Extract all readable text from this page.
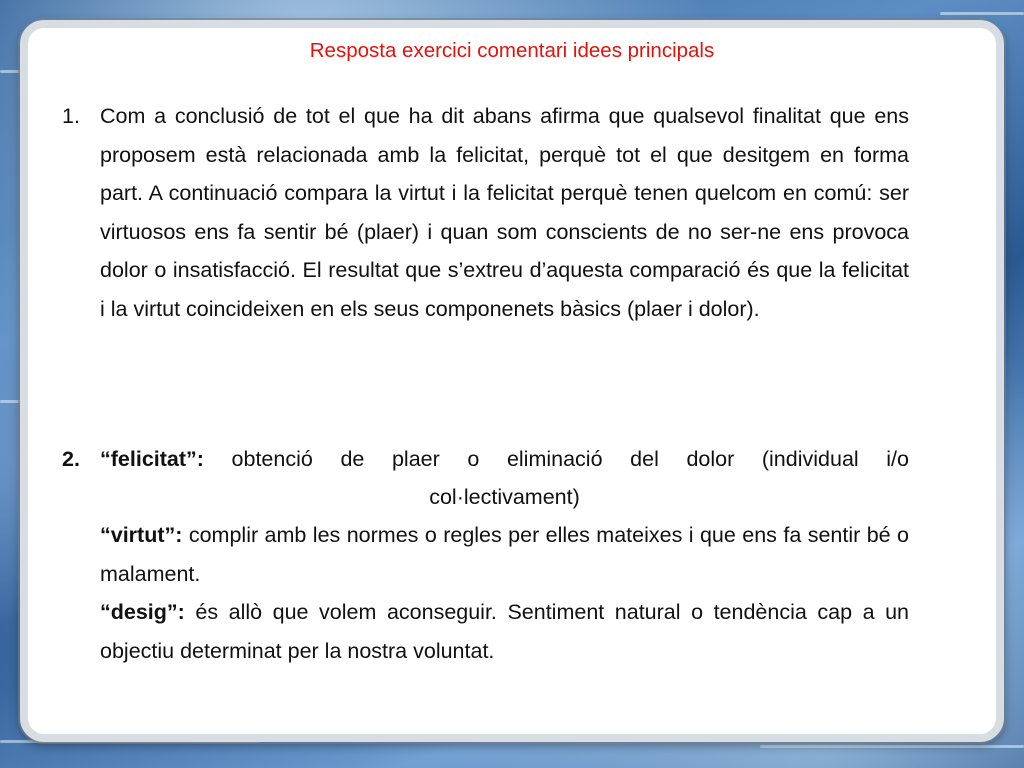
Resposta exercici comentari idees principals
1. Com a conclusió de tot el que ha dit abans afirma que qualsevol finalitat que ens proposem està relacionada amb la felicitat, perquè tot el que desitgem en forma part. A continuació compara la virtut i la felicitat perquè tenen quelcom en comú: ser virtuosos ens fa sentir bé (plaer) i quan som conscients de no ser-ne ens provoca dolor o insatisfacció. El resultat que s’extreu d’aquesta comparació és que la felicitat i la virtut coincideixen en els seus componenets bàsics (plaer i dolor).

2. “felicitat”: obtenció de plaer o eliminació del dolor (individual i/o
col·lectivament)

“virtut”: complir amb les normes o regles per elles mateixes i que ens fa sentir bé o malament.

“desig”: és allò que volem aconseguir. Sentiment natural o tendència cap a un objectiu determinat per la nostra voluntat.
